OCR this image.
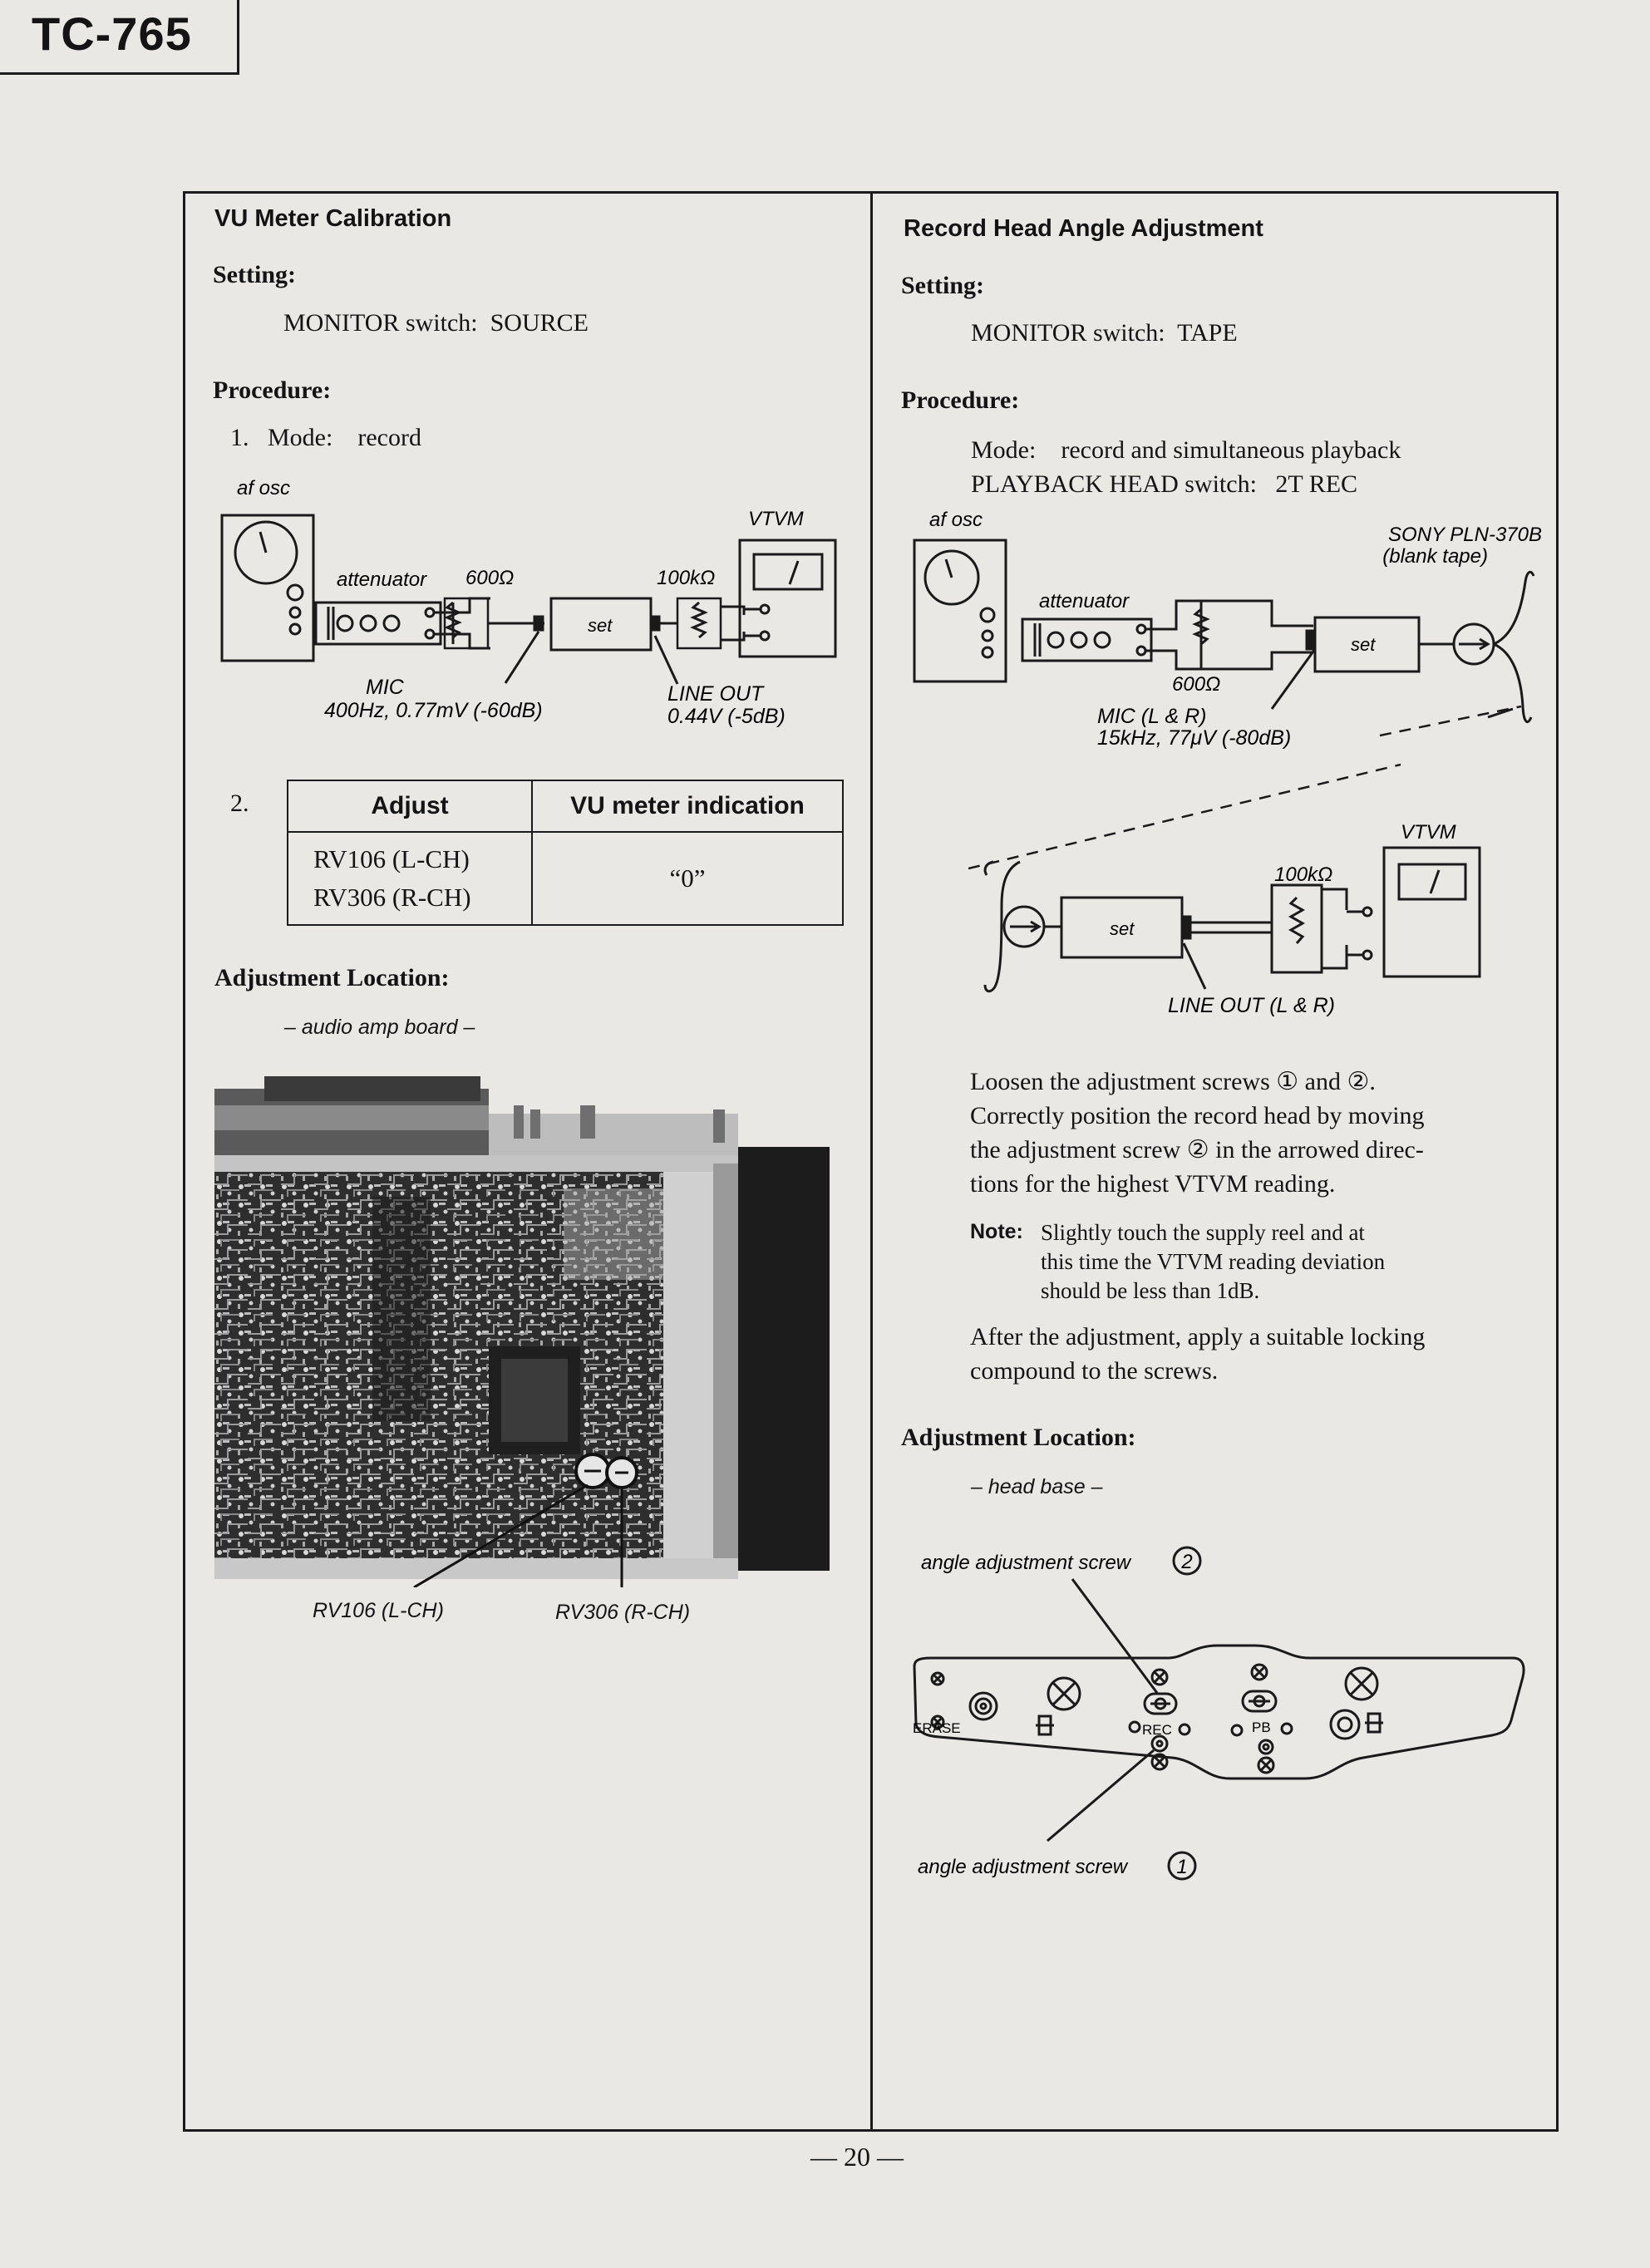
TC-765
VU Meter Calibration
Setting:
MONITOR switch: SOURCE
Procedure:
1. Mode: record
af osc
attenuator 600Ω
set
100kΩ
VTVM
MIC
400Hz, 0.77mV (-60dB)
LINE OUT
0.44V (-5dB)
2.	Adjust	VU meter indication

RV106 (L-CH)
RV306 (R-CH)	“0”
Adjustment Location:
– audio amp board –
RV106 (L-CH)	RV306 (R-CH)
Record Head Angle Adjustment
Setting:
MONITOR switch: TAPE
Procedure:
Mode: record and simultaneous playback
PLAYBACK HEAD switch: 2T REC
af osc
attenuator
600Ω
set
SONY PLN-370B
(blank tape)
MIC (L & R)
15kHz, 77μV (-80dB)
VTVM
100kΩ
set
LINE OUT (L & R)
Loosen the adjustment screws ① and ②.
Correctly position the record head by moving
the adjustment screw ② in the arrowed direc-
tions for the highest VTVM reading.
Note: Slightly touch the supply reel and at
this time the VTVM reading deviation
should be less than 1dB.
After the adjustment, apply a suitable locking
compound to the screws.
Adjustment Location:
– head base –
angle adjustment screw	2
angle adjustment screw 1
ERASE	REC	PB
— 20 —
